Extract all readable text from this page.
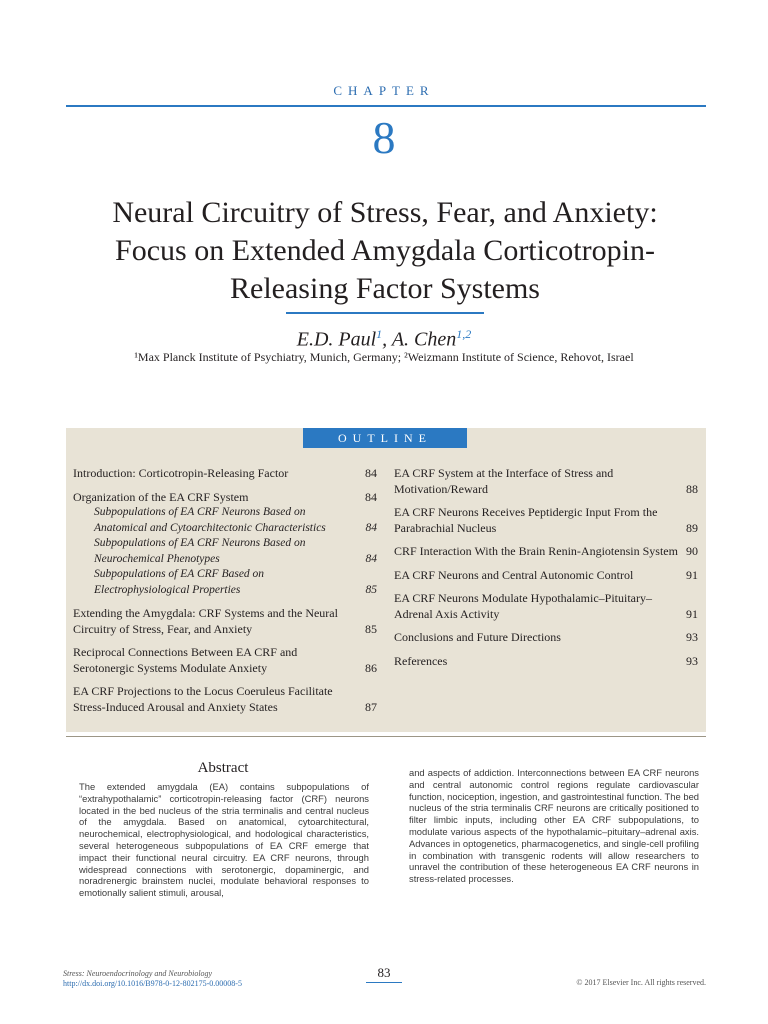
CHAPTER
8
Neural Circuitry of Stress, Fear, and Anxiety:
Focus on Extended Amygdala Corticotropin-
Releasing Factor Systems
E.D. Paul$^1$, A. Chen$^{1,2}$
¹Max Planck Institute of Psychiatry, Munich, Germany; ²Weizmann Institute of Science, Rehovot, Israel
OUTLINE
Introduction: Corticotropin-Releasing Factor	84
Organization of the EA CRF System	84
Subpopulations of EA CRF Neurons Based on Anatomical and Cytoarchitectonic Characteristics	84
Subpopulations of EA CRF Neurons Based on Neurochemical Phenotypes	84
Subpopulations of EA CRF Based on Electrophysiological Properties	85
Extending the Amygdala: CRF Systems and the Neural Circuitry of Stress, Fear, and Anxiety	85
Reciprocal Connections Between EA CRF and Serotonergic Systems Modulate Anxiety	86
EA CRF Projections to the Locus Coeruleus Facilitate Stress-Induced Arousal and Anxiety States	87
EA CRF System at the Interface of Stress and Motivation/Reward	88
EA CRF Neurons Receives Peptidergic Input From the Parabrachial Nucleus	89
CRF Interaction With the Brain Renin-Angiotensin System 90
EA CRF Neurons and Central Autonomic Control	91
EA CRF Neurons Modulate Hypothalamic–Pituitary–Adrenal Axis Activity	91
Conclusions and Future Directions	93
References	93
Abstract
The extended amygdala (EA) contains subpopulations of “extrahypothalamic” corticotropin-releasing factor (CRF) neurons located in the bed nucleus of the stria terminalis and central nucleus of the amygdala. Based on anatomical, cytoarchitectural, neurochemical, electrophysiological, and hodological characteristics, several heterogeneous subpopulations of EA CRF emerge that impact their functional neural circuitry. EA CRF neurons, through widespread connections with serotonergic, dopaminergic, and noradrenergic brainstem nuclei, modulate behavioral responses to emotionally salient stimuli, arousal,
and aspects of addiction. Interconnections between EA CRF neurons and central autonomic control regions regulate cardiovascular function, nociception, ingestion, and gastrointestinal function. The bed nucleus of the stria terminalis CRF neurons are critically positioned to filter limbic inputs, including other EA CRF subpopulations, to modulate various aspects of the hypothalamic–pituitary–adrenal axis. Advances in optogenetics, pharmacogenetics, and single-cell profiling in combination with transgenic rodents will allow researchers to unravel the contribution of these heterogeneous EA CRF neurons in stress-related processes.
Stress: Neuroendocrinology and Neurobiology
http://dx.doi.org/10.1016/B978-0-12-802175-0.00008-5
83
© 2017 Elsevier Inc. All rights reserved.
